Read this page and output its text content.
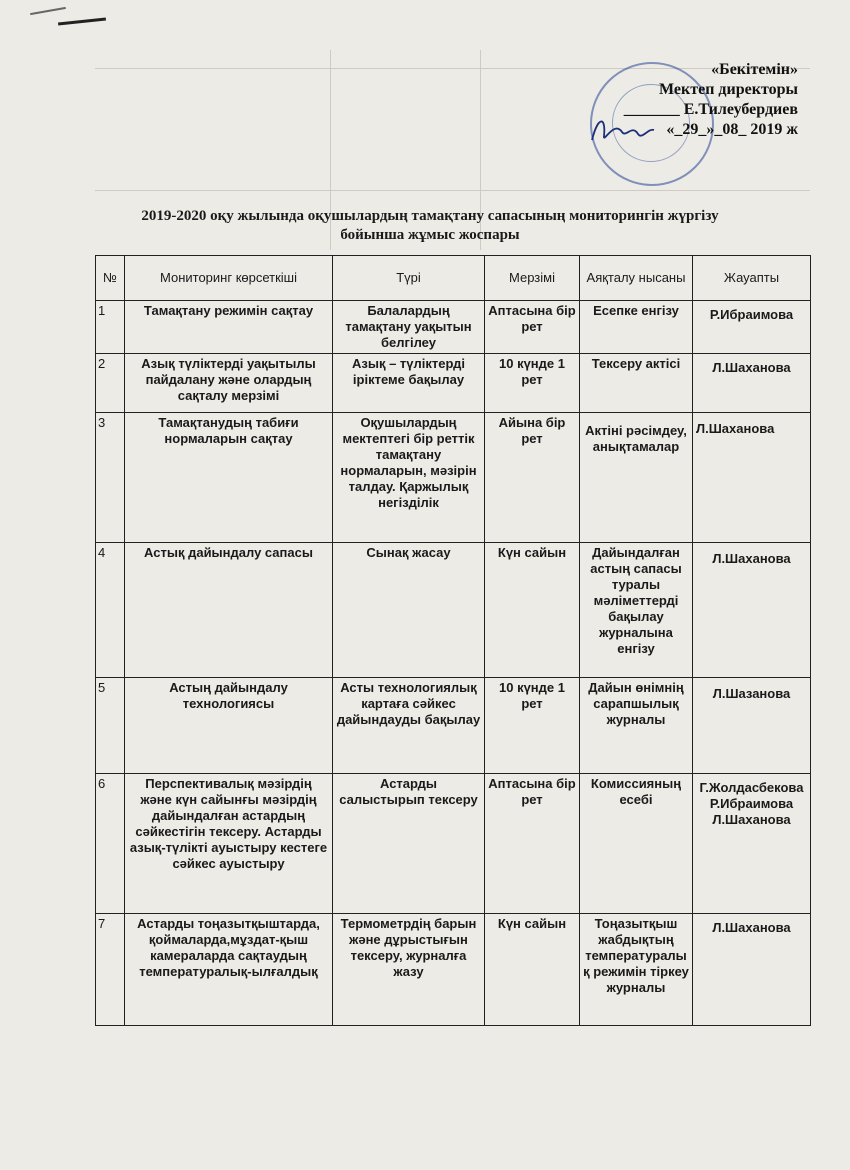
«Бекітемін»
Мектеп директоры
_______ Е.Тилеубердиев
«_29_»_08_ 2019 ж
2019-2020 оқу жылында оқушылардың тамақтану сапасының мониторингін жүргізу бойынша жұмыс жоспары
№	Мониторинг көрсеткіші	Түрі	Мерзімі	Аяқталу нысаны	Жауапты
1	Тамақтану режимін сақтау	Балалардың тамақтану уақытын белгілеу	Аптасына бір рет	Есепке енгізу	Р.Ибраимова
2	Азық түліктерді уақытылы пайдалану және олардың сақталу мерзімі	Азық – түліктерді іріктеме бақылау	10 күнде 1 рет	Тексеру актісі	Л.Шаханова
3	Тамақтанудың табиғи нормаларын сақтау	Оқушылардың мектептегі бір реттік тамақтану нормаларын, мәзірін талдау. Қаржылық негізділік	Айына бір рет	Актіні рәсімдеу, анықтамалар	Л.Шаханова
4	Астық дайындалу сапасы	Сынақ жасау	Күн сайын	Дайындалған астың сапасы туралы мәліметтерді бақылау журналына енгізу	Л.Шаханова
5	Астың дайындалу технологиясы	Асты технологиялық картаға сәйкес дайындауды бақылау	10 күнде 1 рет	Дайын өнімнің сарапшылық журналы	Л.Шазанова
6	Перспективалық мәзірдің және күн сайынғы мәзірдің дайындалған астардың сәйкестігін тексеру. Астарды азық-түлікті ауыстыру кестеге сәйкес ауыстыру	Астарды салыстырып тексеру	Аптасына бір рет	Комиссияның есебі	Г.Жолдасбекова Р.Ибраимова Л.Шаханова
7	Астарды тоңазытқыштарда, қоймаларда,мұздат-қыш камераларда сақтаудың температуралық-ылғалдық	Термометрдің барын және дұрыстығын тексеру, журналға жазу	Күн сайын	Тоңазытқыш жабдықтың температуралық режимін тіркеу журналы	Л.Шаханова
